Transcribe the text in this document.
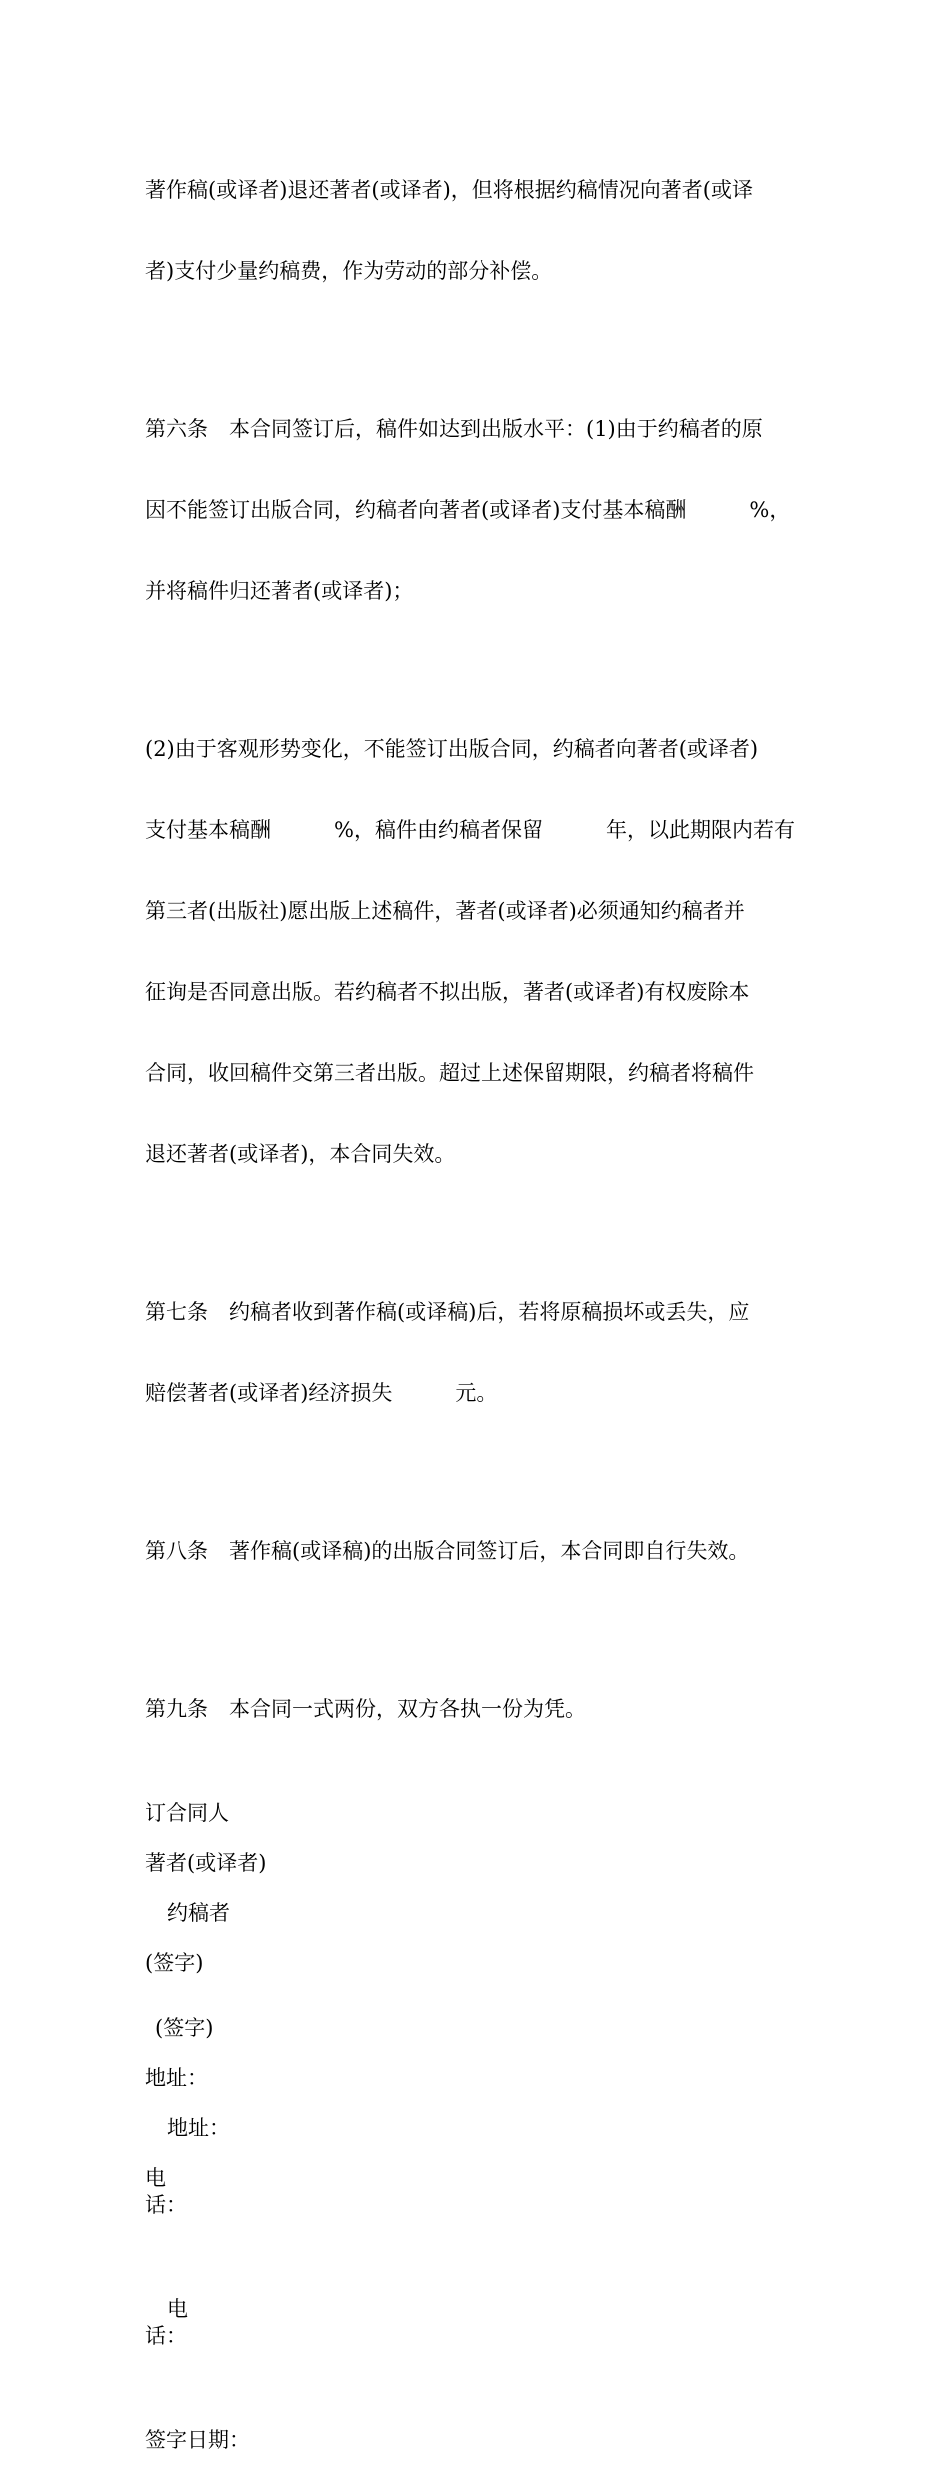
著作稿(或译者)退还著者(或译者)，但将根据约稿情况向著者(或译

者)支付少量约稿费，作为劳动的部分补偿。

第六条　本合同签订后，稿件如达到出版水平：(1)由于约稿者的原

因不能签订出版合同，约稿者向著者(或译者)支付基本稿酬　　　%，

并将稿件归还著者(或译者)；

(2)由于客观形势变化，不能签订出版合同，约稿者向著者(或译者)

支付基本稿酬　　　%，稿件由约稿者保留　　　年，以此期限内若有

第三者(出版社)愿出版上述稿件，著者(或译者)必须通知约稿者并

征询是否同意出版。若约稿者不拟出版，著者(或译者)有权废除本

合同，收回稿件交第三者出版。超过上述保留期限，约稿者将稿件

退还著者(或译者)，本合同失效。

第七条　约稿者收到著作稿(或译稿)后，若将原稿损坏或丢失，应

赔偿著者(或译者)经济损失　　　元。

第八条　著作稿(或译稿)的出版合同签订后，本合同即自行失效。

第九条　本合同一式两份，双方各执一份为凭。

订合同人
著者(或译者)
约稿者
(签字)
(签字)
地址：
地址：
电话：

电话：

签字日期：
